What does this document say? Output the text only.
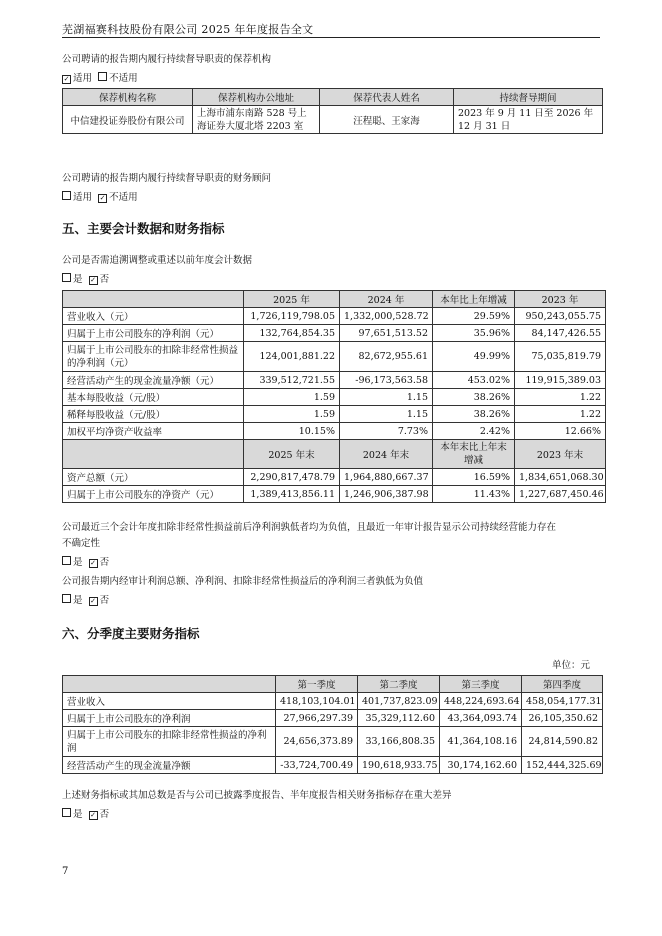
芜湖福赛科技股份有限公司 2025 年年度报告全文
公司聘请的报告期内履行持续督导职责的保荐机构
✓ 适用 不适用
保荐机构名称	保荐机构办公地址	保荐代表人姓名	持续督导期间
中信建投证券股份有限公司	上海市浦东南路 528 号上海证券大厦北塔 2203 室	汪程聪、王家海	2023 年 9 月 11 日至 2026 年 12 月 31 日
公司聘请的报告期内履行持续督导职责的财务顾问
适用 ✓ 不适用
五、主要会计数据和财务指标
公司是否需追溯调整或重述以前年度会计数据
是 ✓ 否
	2025 年	2024 年	本年比上年增减	2023 年
营业收入（元）	1,726,119,798.05	1,332,000,528.72	29.59%	950,243,055.75
归属于上市公司股东的净利润（元）	132,764,854.35	97,651,513.52	35.96%	84,147,426.55
归属于上市公司股东的扣除非经常性损益的净利润（元）	124,001,881.22	82,672,955.61	49.99%	75,035,819.79
经营活动产生的现金流量净额（元）	339,512,721.55	-96,173,563.58	453.02%	119,915,389.03
基本每股收益（元/股）	1.59	1.15	38.26%	1.22
稀释每股收益（元/股）	1.59	1.15	38.26%	1.22
加权平均净资产收益率	10.15%	7.73%	2.42%	12.66%
	2025 年末	2024 年末	本年末比上年末增减	2023 年末
资产总额（元）	2,290,817,478.79	1,964,880,667.37	16.59%	1,834,651,068.30
归属于上市公司股东的净资产（元）	1,389,413,856.11	1,246,906,387.98	11.43%	1,227,687,450.46
公司最近三个会计年度扣除非经常性损益前后净利润孰低者均为负值，且最近一年审计报告显示公司持续经营能力存在
不确定性
是 ✓ 否
公司报告期内经审计利润总额、净利润、扣除非经常性损益后的净利润三者孰低为负值
是 ✓ 否
六、分季度主要财务指标
单位：元
	第一季度	第二季度	第三季度	第四季度
营业收入	418,103,104.01	401,737,823.09	448,224,693.64	458,054,177.31
归属于上市公司股东的净利润	27,966,297.39	35,329,112.60	43,364,093.74	26,105,350.62
归属于上市公司股东的扣除非经常性损益的净利润	24,656,373.89	33,166,808.35	41,364,108.16	24,814,590.82
经营活动产生的现金流量净额	-33,724,700.49	190,618,933.75	30,174,162.60	152,444,325.69
上述财务指标或其加总数是否与公司已披露季度报告、半年度报告相关财务指标存在重大差异
是 ✓ 否
7
